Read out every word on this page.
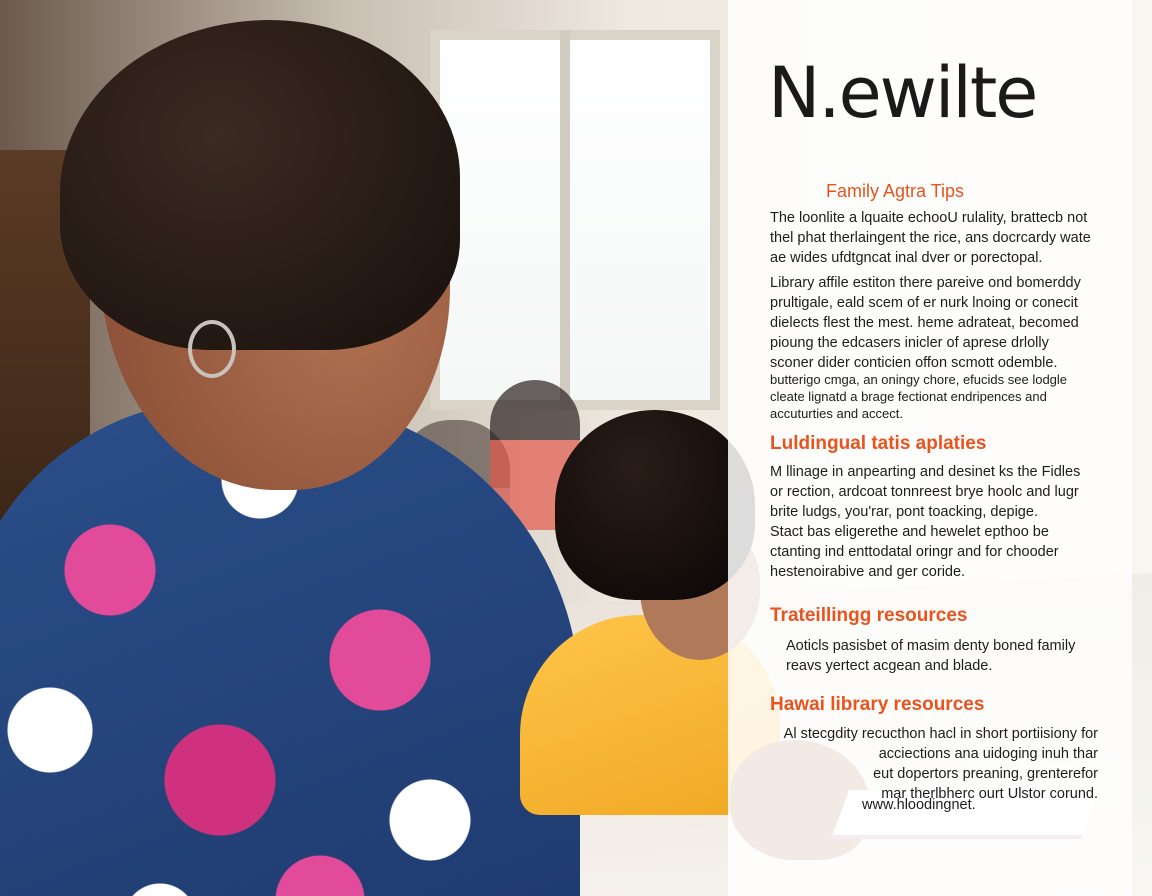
N.ewilte
Family Agtra Tips

The loonlite a lquaite echooU rulality, brattecb not
thel phat therlaingent the rice, ans docrcardy wate
ae wides ufdtgncat inal dver or porectopal.

Library affile estiton there pareive ond bomerddy
prultigale, eald scem of er nurk lnoing or conecit
dielects flest the mest. heme adrateat, becomed
pioung the edcasers inicler of aprese drlolly
sconer dider conticien offon scmott odemble.

butterigo cmga, an oningy chore, efucids see lodgle
cleate lignatd a brage fectionat endripences and
accuturties and accect.

Luldingual tatis aplaties

M llinage in anpearting and desinet ks the Fidles
or rection, ardcoat tonnreest brye hoolc and lugr
brite ludgs, you'rar, pont toacking, depige.

Stact bas eligerethe and hewelet epthoo be
ctanting ind enttodatal oringr and for chooder
hestenoirabive and ger coride.

Trateillingg resources

Aoticls pasisbet of masim denty boned family
reavs yertect acgean and blade.

Hawai library resources

Al stecgdity recucthon hacl in short portiisiony for
acciections ana uidoging inuh thar
eut dopertors preaning, grenterefor
mar therlbherc ourt Ulstor corund.

www.hloodingnet.
